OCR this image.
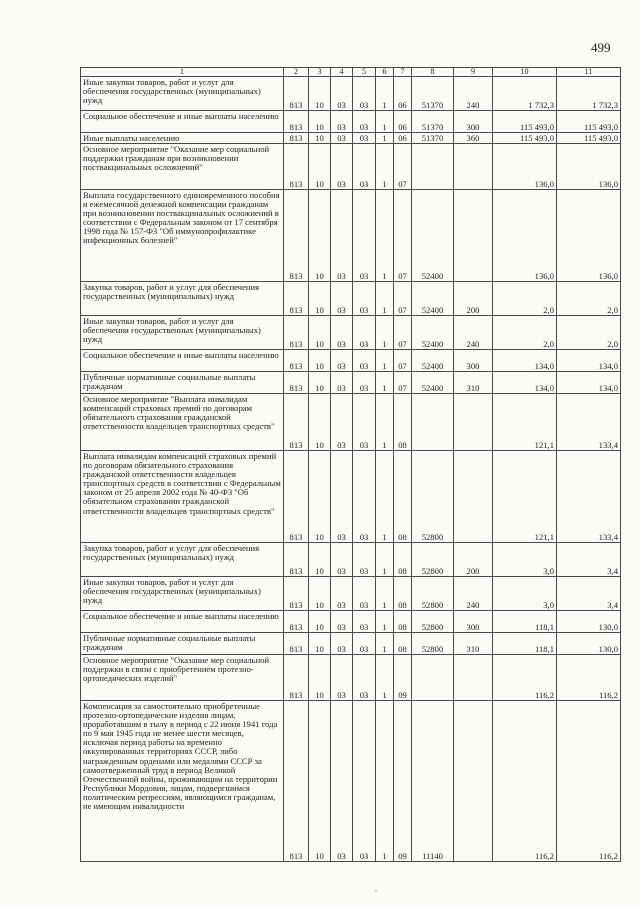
499
1	2	3	4	5	6	7	8	9	10	11
Иные закупки товаров, работ и услуг для обеспечения государственных (муниципальных) нужд	813	10	03	03	1	06	51370	240	1 732,3	1 732,3
Социальное обеспечение и иные выплаты населению	813	10	03	03	1	06	51370	300	115 493,0	115 493,0
Иные выплаты населению	813	10	03	03	1	06	51370	360	115 493,0	115 493,0
Основное мероприятие "Оказание мер социальной поддержки гражданам при возникновении поствакцинальных осложнений"	813	10	03	03	1	07			136,0	136,0
Выплата государственного единовременного пособия и ежемесячной денежной компенсации гражданам при возникновении поствакцинальных осложнений в соответствии с Федеральным законом от 17 сентября 1998 года № 157-ФЗ "Об иммунопрофилактике инфекционных болезней"	813	10	03	03	1	07	52400		136,0	136,0
Закупка товаров, работ и услуг для обеспечения государственных (муниципальных) нужд	813	10	03	03	1	07	52400	200	2,0	2,0
Иные закупки товаров, работ и услуг для обеспечения государственных (муниципальных) нужд	813	10	03	03	1	07	52400	240	2,0	2,0
Социальное обеспечение и иные выплаты населению	813	10	03	03	1	07	52400	300	134,0	134,0
Публичные нормативные социальные выплаты гражданам	813	10	03	03	1	07	52400	310	134,0	134,0
Основное мероприятие "Выплата инвалидам компенсаций страховых премий по договорам обязательного страхования гражданской ответственности владельцев транспортных средств"	813	10	03	03	1	08			121,1	133,4
Выплата инвалидам компенсаций страховых премий по договорам обязательного страхования гражданской ответственности владельцев транспортных средств в соответствии с Федеральным законом от 25 апреля 2002 года № 40-ФЗ "Об обязательном страховании гражданской ответственности владельцев транспортных средств"	813	10	03	03	1	08	52800		121,1	133,4
Закупка товаров, работ и услуг для обеспечения государственных (муниципальных) нужд	813	10	03	03	1	08	52800	200	3,0	3,4
Иные закупки товаров, работ и услуг для обеспечения государственных (муниципальных) нужд	813	10	03	03	1	08	52800	240	3,0	3,4
Социальное обеспечение и иные выплаты населению	813	10	03	03	1	08	52800	300	118,1	130,0
Публичные нормативные социальные выплаты гражданам	813	10	03	03	1	08	52800	310	118,1	130,0
Основное мероприятие "Оказание мер социальной поддержки в связи с приобретением протезно-ортопедических изделий"	813	10	03	03	1	09			116,2	116,2
Компенсация за самостоятельно приобретенные протезно-ортопедические изделия лицам, проработавшим в тылу в период с 22 июня 1941 года по 9 мая 1945 года не менее шести месяцев, исключая период работы на временно оккупированных территориях СССР, либо награжденным орденами или медалями СССР за самоотверженный труд в период Великой Отечественной войны, проживающим на территории Республики Мордовия, лицам, подвергшимся политическим репрессиям, являющимся гражданам, не имеющим инвалидности	813	10	03	03	1	09	11140		116,2	116,2
,
